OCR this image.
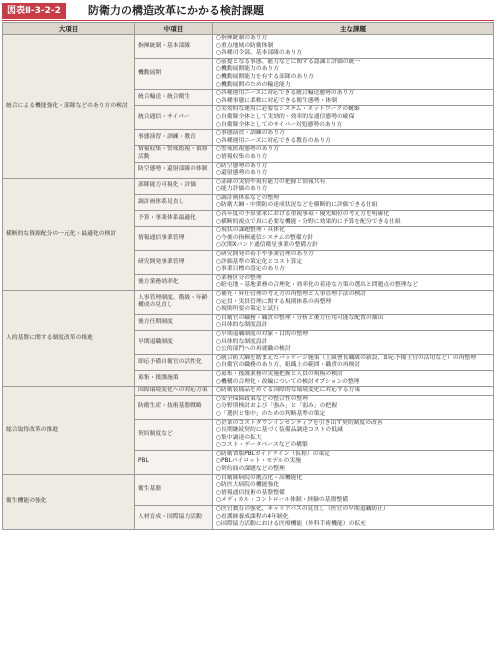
図表Ⅱ-3-2-2	防衛力の構造改革にかかる検討課題
大項目	中項目	主な課題
統合による機能強化・部隊などのあり方の検討	指揮統制・基本部隊	○指揮統制のあり方
○重点地域の防衛体制
○各種司令部、基本部隊のあり方

	機動展開	○前提となる事態、能力などに関する認識と評価の統一
○機動展開能力のあり方
○機動展開能力を有する部隊のあり方
○機動展開のための輸送能力

	統合輸送・統合衛生	○各種運用ニーズに対応できる統合輸送態勢のあり方
○各種事態に柔軟に対応できる衛生態勢・体制

	統合通信・サイバー	○実効的な運用に必要なシステム・ネットワークの構築
○自衛隊全体として実効的・効率的な通信態勢の確保
○自衛隊全体としてのサイバー対処態勢のあり方

	事態演習・訓練・教育	○事態演習・訓練のあり方
○各種運用ニーズに対応できる教育のあり方

	情報収集・警戒監視・偵察活動	○警戒監視態勢のあり方
○情報収集のあり方

	防空態勢・還射部隊の体制	○防空態勢のあり方
○還射態勢のあり方

横断的な資源配分の一元化・最適化の検討	部隊能力可視化・評価	○部隊の実情や現有能力の把握と情報共有
○能力評価のあり方

	調計画体系見直し	○調計画体系などの整理
○防衛大綱・中期防の達成状況などを横断的に評価できる仕組

	予算・事業体系最適化	○各年度の予算要求における重視事項・優先順位の考え方を明確化
○横断的視点で真に必要な機能・分野に効果的に予算を配分できる仕組

	情報通信事業管理	○現状の課題整理・具体化
○今後の指揮通信システムの整備方針
○次期Xバンド通信衛星事業の整備方針

	研究開発事業管理	○研究開発の着手や事業管理のあり方
○評価基準の策定化とコスト算定
○事業目標の設定のあり方

	後方業務効率化	○業務区分の整理
○駐屯地・基地業務の合理化・効率化の着達な方策の選出と問題点の整理など

人的基盤に関する制度改革の推進	人事管理制度、階級・年齢構成の見直し	○補充・昇任管理の考え方の再整理と人事管理手法の検討
○定員・実員管理に関する規則体系の再整理
○規則所要の策定と試行

	後方任期制度	○自衛官の職務・職責の整理・分析と後方任用可能な配置の抽出
○具体的な制度設計

	早期退職制度	○早期退職制度の対象・目的の整理
○具体的な制度設計
○公的部門への再就職の検討

	即応予備自衛官の活性化	○統合防大綱を踏まえたパッケージ施策（上級曹長職級の新設、即応予備士官の活用など）の再整理
○自衛官の職務のあり方、組織上の範囲・職責の再検討

	募集・援護施策	○募集・援護業務の実施把握と人員の規模の検討
○機構の合理化・改編についての検討オプションの整理

総合取得改革の推進	国際環境変化への対応方策	○防衛装備品をめぐる国際的な環境変化に対応する方策

	防衛生産・技術基盤戦略	○安全保障政策などの整合性の整理
○分野別検討および「強み」と「弱み」の把握
○「選択と集中」のための判断基準の策定

	契約制度など	○企業のコストダウンインセンティブを引き出す契約制度の改善
○長期継続契約に基づく装備品調達コストの低減
○集中調達の拡大
○コスト・データベースなどの構築

	PBL	○防衛省版PBLガイドライン（仮称）の策定
○PBLパイロット・モデルの実施
○契約面の課題などの整理

衛生機能の強化	衛生基盤	○自衛隊病院の拠点化・高機能化
○防医大病院の機能強化
○情報通信技術の基盤整備
○メディカル・コントロール体制・経験の基盤整備

	人材育成・国際協力活動	○医官教育の強化、キャリアパスの見直し（医官の早期退職防止）
○看護師養成課程の4年制化
○国際協力活動における医療機能（外科手術機能）の拡充
